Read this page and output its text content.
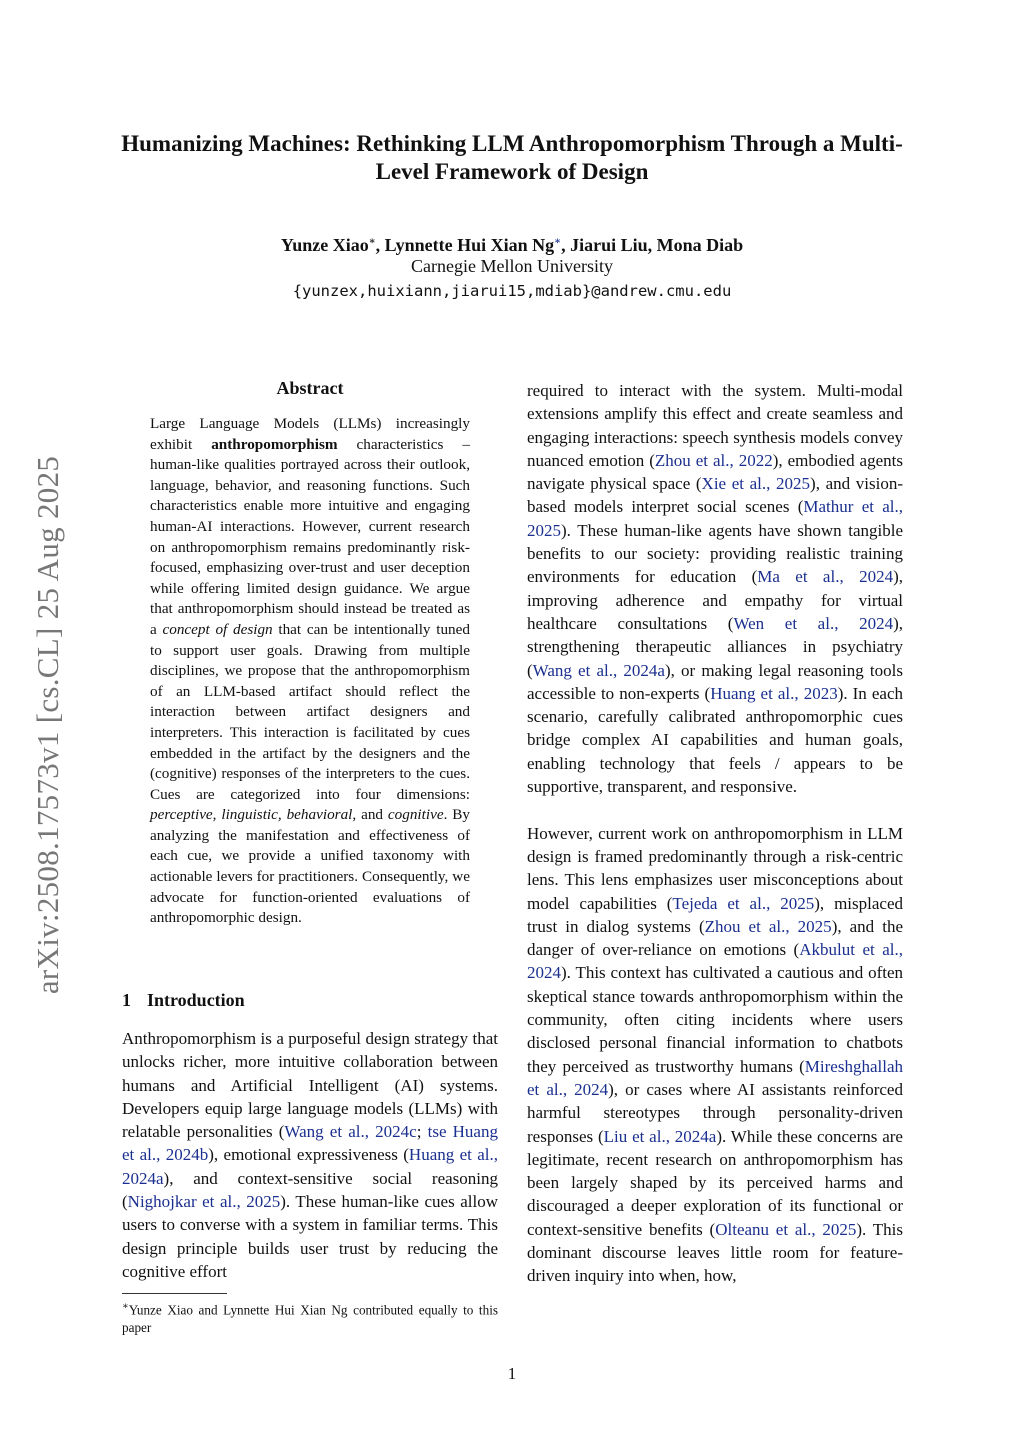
Humanizing Machines: Rethinking LLM Anthropomorphism Through a Multi-Level Framework of Design
Yunze Xiao∗, Lynnette Hui Xian Ng∗, Jiarui Liu, Mona Diab
Carnegie Mellon University
{yunzex,huixiann,jiarui15,mdiab}@andrew.cmu.edu
arXiv:2508.17573v1 [cs.CL] 25 Aug 2025
Abstract
Large Language Models (LLMs) increasingly exhibit anthropomorphism characteristics – human-like qualities portrayed across their outlook, language, behavior, and reasoning functions. Such characteristics enable more intuitive and engaging human-AI interactions. However, current research on anthropomorphism remains predominantly risk-focused, emphasizing over-trust and user deception while offering limited design guidance. We argue that anthropomorphism should instead be treated as a concept of design that can be intentionally tuned to support user goals. Drawing from multiple disciplines, we propose that the anthropomorphism of an LLM-based artifact should reflect the interaction between artifact designers and interpreters. This interaction is facilitated by cues embedded in the artifact by the designers and the (cognitive) responses of the interpreters to the cues. Cues are categorized into four dimensions: perceptive, linguistic, behavioral, and cognitive. By analyzing the manifestation and effectiveness of each cue, we provide a unified taxonomy with actionable levers for practitioners. Consequently, we advocate for function-oriented evaluations of anthropomorphic design.
1 Introduction
Anthropomorphism is a purposeful design strategy that unlocks richer, more intuitive collaboration between humans and Artificial Intelligent (AI) systems. Developers equip large language models (LLMs) with relatable personalities (Wang et al., 2024c; tse Huang et al., 2024b), emotional expressiveness (Huang et al., 2024a), and context-sensitive social reasoning (Nighojkar et al., 2025). These human-like cues allow users to converse with a system in familiar terms. This design principle builds user trust by reducing the cognitive effort
∗Yunze Xiao and Lynnette Hui Xian Ng contributed equally to this paper

required to interact with the system. Multi-modal extensions amplify this effect and create seamless and engaging interactions: speech synthesis models convey nuanced emotion (Zhou et al., 2022), embodied agents navigate physical space (Xie et al., 2025), and vision-based models interpret social scenes (Mathur et al., 2025). These human-like agents have shown tangible benefits to our society: providing realistic training environments for education (Ma et al., 2024), improving adherence and empathy for virtual healthcare consultations (Wen et al., 2024), strengthening therapeutic alliances in psychiatry (Wang et al., 2024a), or making legal reasoning tools accessible to non-experts (Huang et al., 2023). In each scenario, carefully calibrated anthropomorphic cues bridge complex AI capabilities and human goals, enabling technology that feels / appears to be supportive, transparent, and responsive.

However, current work on anthropomorphism in LLM design is framed predominantly through a risk-centric lens. This lens emphasizes user misconceptions about model capabilities (Tejeda et al., 2025), misplaced trust in dialog systems (Zhou et al., 2025), and the danger of over-reliance on emotions (Akbulut et al., 2024). This context has cultivated a cautious and often skeptical stance towards anthropomorphism within the community, often citing incidents where users disclosed personal financial information to chatbots they perceived as trustworthy humans (Mireshghallah et al., 2024), or cases where AI assistants reinforced harmful stereotypes through personality-driven responses (Liu et al., 2024a). While these concerns are legitimate, recent research on anthropomorphism has been largely shaped by its perceived harms and discouraged a deeper exploration of its functional or context-sensitive benefits (Olteanu et al., 2025). This dominant discourse leaves little room for feature-driven inquiry into when, how,

1
